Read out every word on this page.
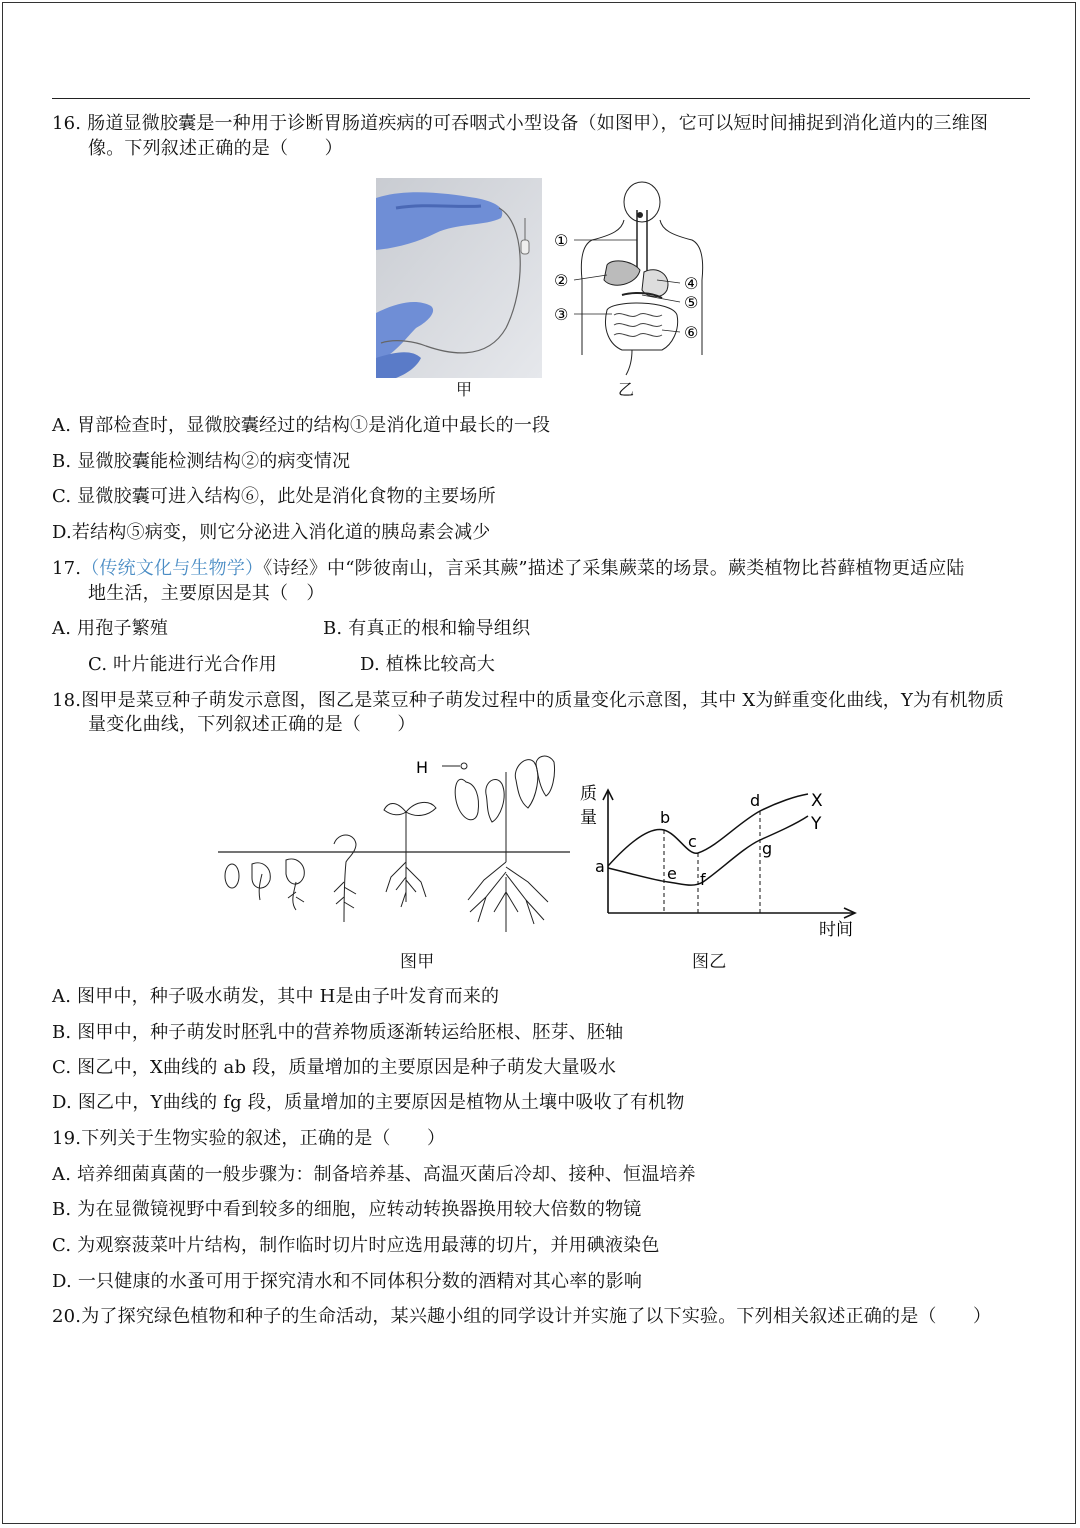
16. 肠道显微胶囊是一种用于诊断胃肠道疾病的可吞咽式小型设备（如图甲），它可以短时间捕捉到消化道内的三维图
像。下列叙述正确的是（　　）
甲
①
②
③
④
⑤
⑥
乙
A. 胃部检查时，显微胶囊经过的结构①是消化道中最长的一段
B. 显微胶囊能检测结构②的病变情况
C. 显微胶囊可进入结构⑥，此处是消化食物的主要场所
D.若结构⑤病变，则它分泌进入消化道的胰岛素会减少
17.（传统文化与生物学）《诗经》中“陟彼南山，言采其蕨”描述了采集蕨菜的场景。蕨类植物比苔藓植物更适应陆
地生活，主要原因是其（　）
A. 用孢子繁殖	B. 有真正的根和输导组织
C. 叶片能进行光合作用	D. 植株比较高大
18.图甲是菜豆种子萌发示意图，图乙是菜豆种子萌发过程中的质量变化示意图，其中 X为鲜重变化曲线，Y为有机物质
量变化曲线，下列叙述正确的是（　　）
H
图甲
质
量
a
b
c
d
e f
g
X
Y
时间
图乙
A. 图甲中，种子吸水萌发，其中 H是由子叶发育而来的
B. 图甲中，种子萌发时胚乳中的营养物质逐渐转运给胚根、胚芽、胚轴
C. 图乙中，X曲线的 ab 段，质量增加的主要原因是种子萌发大量吸水
D. 图乙中，Y曲线的 fg 段，质量增加的主要原因是植物从土壤中吸收了有机物
19.下列关于生物实验的叙述，正确的是（　　）
A. 培养细菌真菌的一般步骤为：制备培养基、高温灭菌后冷却、接种、恒温培养
B. 为在显微镜视野中看到较多的细胞，应转动转换器换用较大倍数的物镜
C. 为观察菠菜叶片结构，制作临时切片时应选用最薄的切片，并用碘液染色
D. 一只健康的水蚤可用于探究清水和不同体积分数的酒精对其心率的影响
20.为了探究绿色植物和种子的生命活动，某兴趣小组的同学设计并实施了以下实验。下列相关叙述正确的是（　　）
